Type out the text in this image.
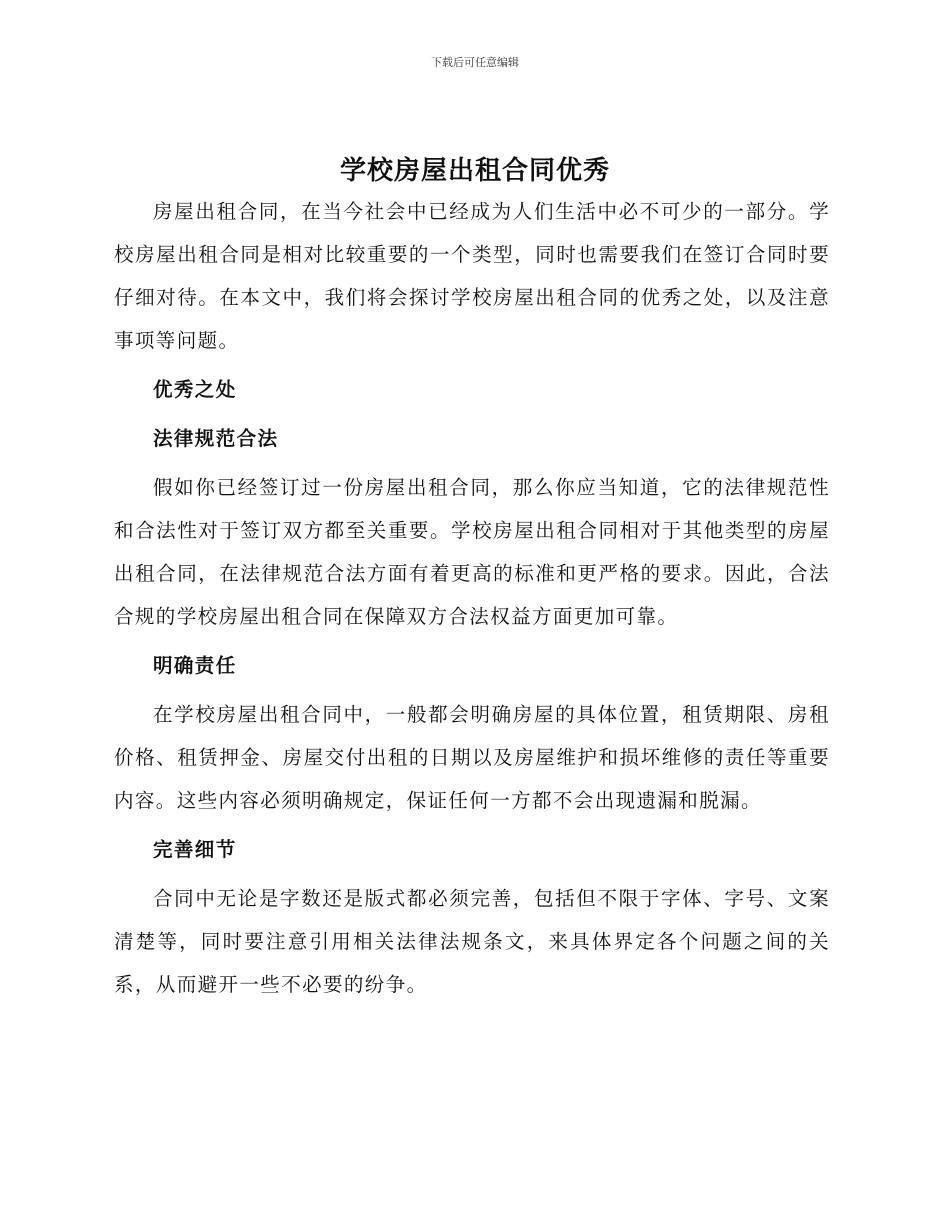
下载后可任意编辑
学校房屋出租合同优秀

房屋出租合同，在当今社会中已经成为人们生活中必不可少的一部分。学校房屋出租合同是相对比较重要的一个类型，同时也需要我们在签订合同时要仔细对待。在本文中，我们将会探讨学校房屋出租合同的优秀之处，以及注意事项等问题。

优秀之处

法律规范合法

假如你已经签订过一份房屋出租合同，那么你应当知道，它的法律规范性和合法性对于签订双方都至关重要。学校房屋出租合同相对于其他类型的房屋出租合同，在法律规范合法方面有着更高的标准和更严格的要求。因此，合法合规的学校房屋出租合同在保障双方合法权益方面更加可靠。

明确责任

在学校房屋出租合同中，一般都会明确房屋的具体位置，租赁期限、房租价格、租赁押金、房屋交付出租的日期以及房屋维护和损坏维修的责任等重要内容。这些内容必须明确规定，保证任何一方都不会出现遗漏和脱漏。

完善细节

合同中无论是字数还是版式都必须完善，包括但不限于字体、字号、文案清楚等，同时要注意引用相关法律法规条文，来具体界定各个问题之间的关系，从而避开一些不必要的纷争。
